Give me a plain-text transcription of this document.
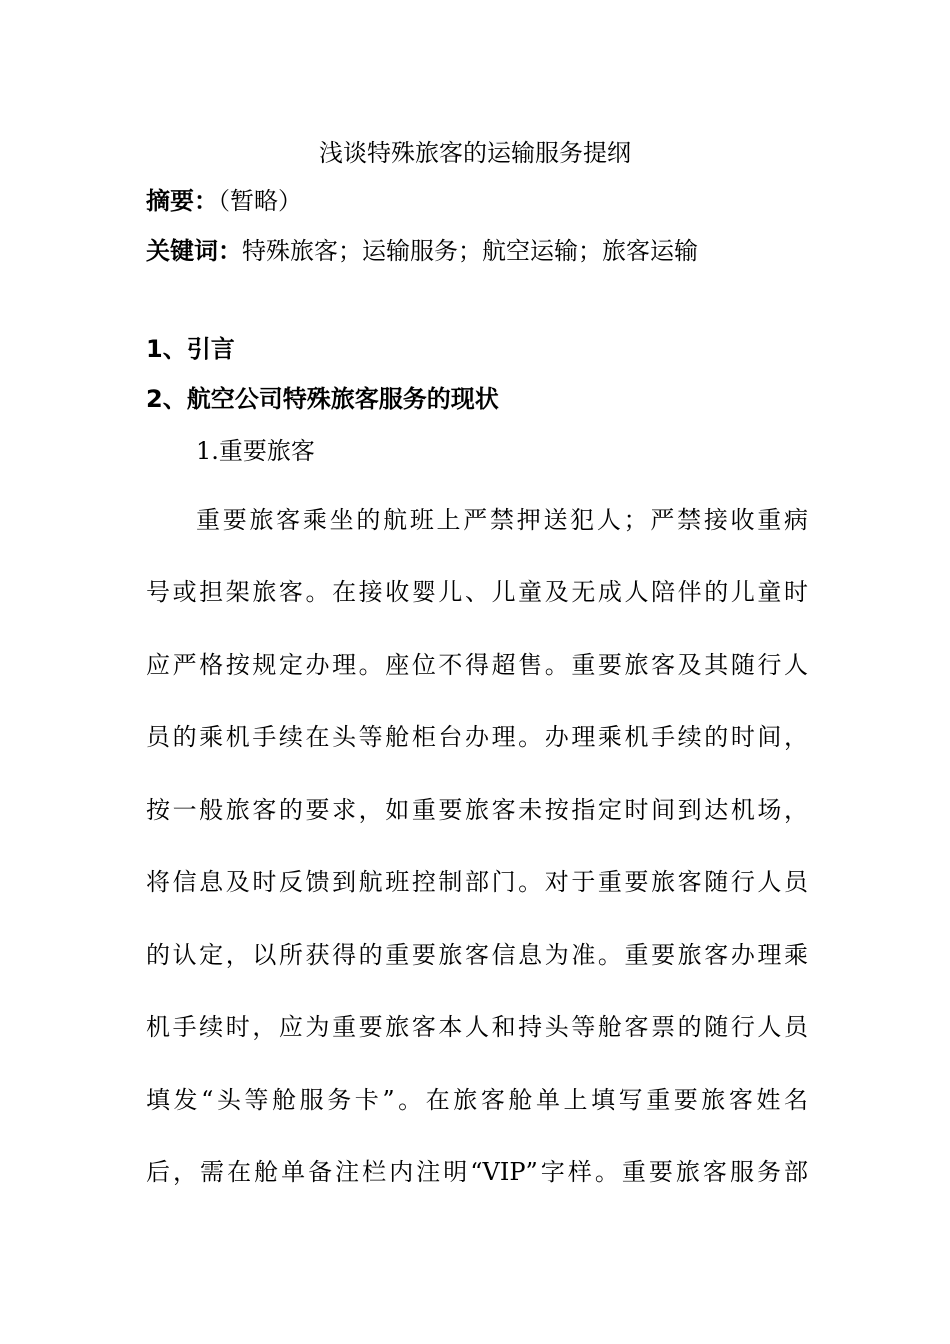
浅谈特殊旅客的运输服务提纲
摘要：（暂略）
关键词：特殊旅客；运输服务；航空运输；旅客运输
1、引言
2、航空公司特殊旅客服务的现状
1.重要旅客
重要旅客乘坐的航班上严禁押送犯人；严禁接收重病
号或担架旅客。在接收婴儿、儿童及无成人陪伴的儿童时
应严格按规定办理。座位不得超售。重要旅客及其随行人
员的乘机手续在头等舱柜台办理。办理乘机手续的时间，
按一般旅客的要求，如重要旅客未按指定时间到达机场，
将信息及时反馈到航班控制部门。对于重要旅客随行人员
的认定，以所获得的重要旅客信息为准。重要旅客办理乘
机手续时，应为重要旅客本人和持头等舱客票的随行人员
填发“头等舱服务卡”。在旅客舱单上填写重要旅客姓名
后，需在舱单备注栏内注明“VIP”字样。重要旅客服务部
